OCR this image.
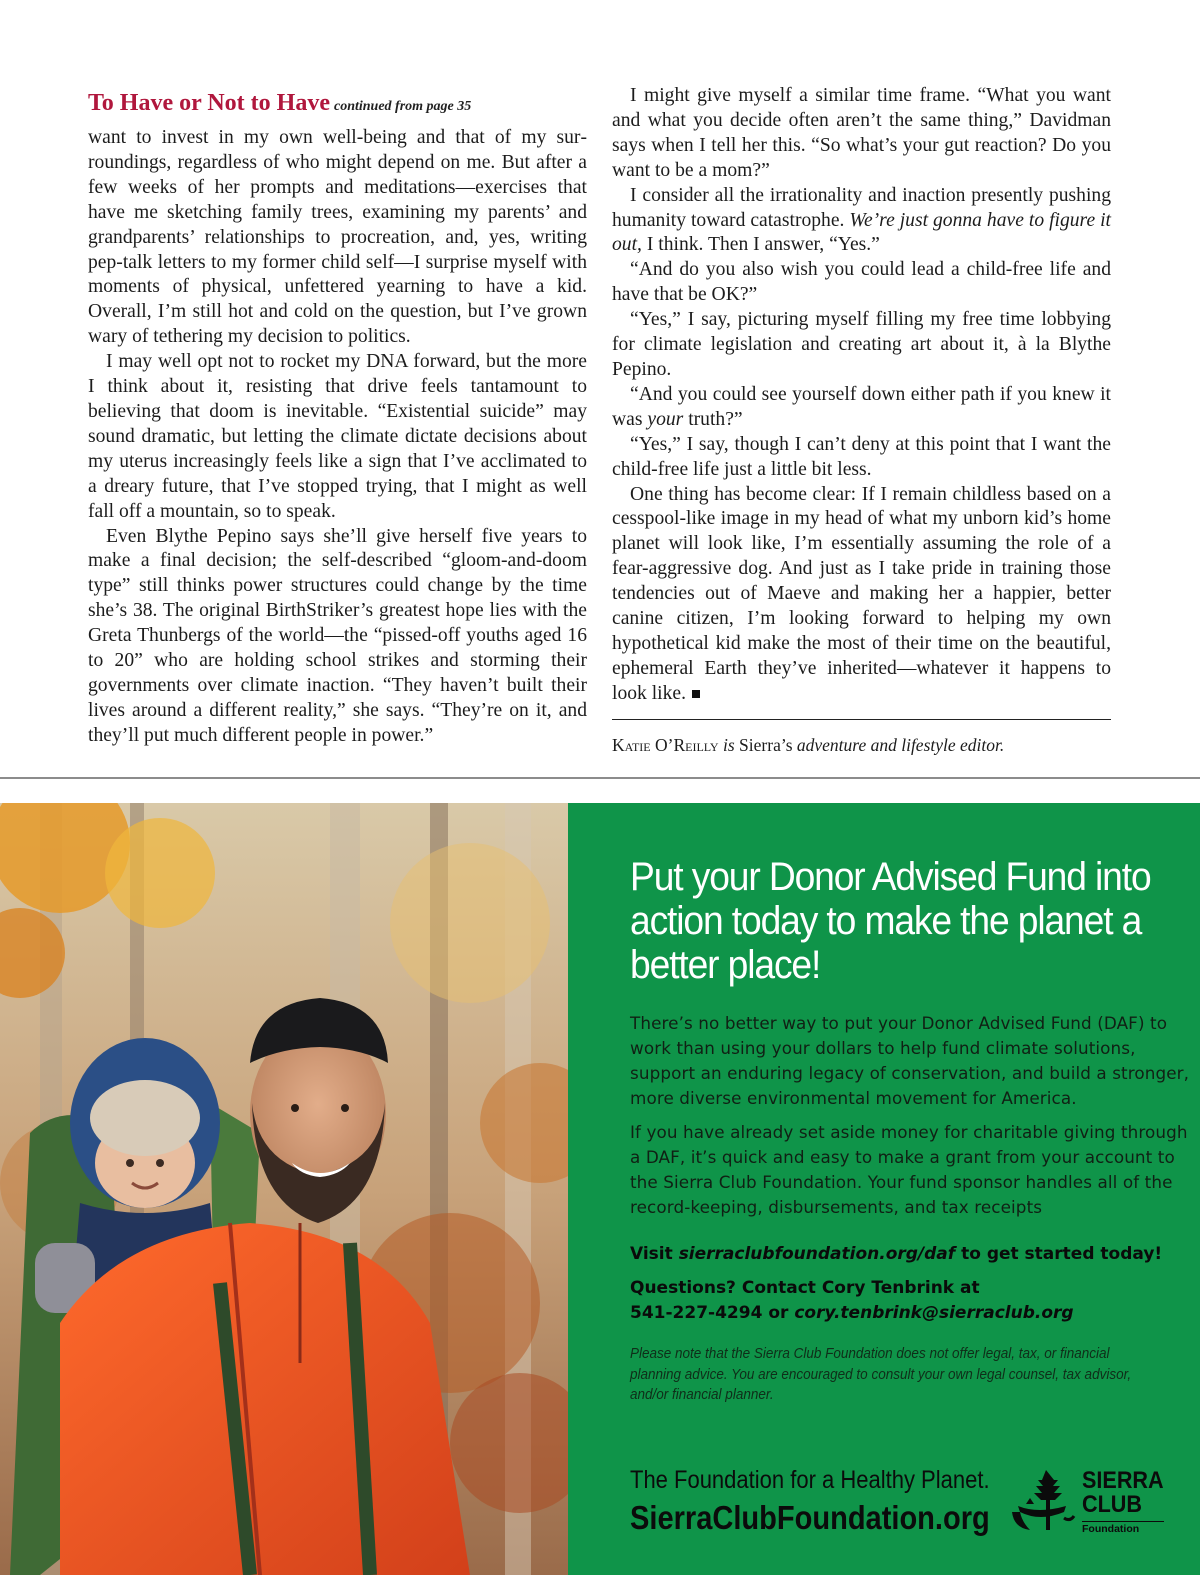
To Have or Not to Have continued from page 35

want to invest in my own well-being and that of my surroundings, regardless of who might depend on me. But after a few weeks of her prompts and meditations—exercises that have me sketching family trees, examining my parents’ and grandparents’ relationships to procreation, and, yes, writing pep-talk letters to my former child self—I surprise myself with moments of physical, unfettered yearning to have a kid. Overall, I’m still hot and cold on the question, but I’ve grown wary of tethering my decision to politics.

I may well opt not to rocket my DNA forward, but the more I think about it, resisting that drive feels tantamount to believing that doom is inevitable. “Existential suicide” may sound dramatic, but letting the climate dictate decisions about my uterus increasingly feels like a sign that I’ve acclimated to a dreary future, that I’ve stopped trying, that I might as well fall off a mountain, so to speak.

Even Blythe Pepino says she’ll give herself five years to make a final decision; the self-described “gloom-and-doom type” still thinks power structures could change by the time she’s 38. The original BirthStriker’s greatest hope lies with the Greta Thunbergs of the world—the “pissed-off youths aged 16 to 20” who are holding school strikes and storming their governments over climate inaction. “They haven’t built their lives around a different reality,” she says. “They’re on it, and they’ll put much different people in power.”

I might give myself a similar time frame. “What you want and what you decide often aren’t the same thing,” Davidman says when I tell her this. “So what’s your gut reaction? Do you want to be a mom?”

I consider all the irrationality and inaction presently pushing humanity toward catastrophe. We’re just gonna have to figure it out, I think. Then I answer, “Yes.”

“And do you also wish you could lead a child-free life and have that be OK?”

“Yes,” I say, picturing myself filling my free time lobbying for climate legislation and creating art about it, à la Blythe Pepino.

“And you could see yourself down either path if you knew it was your truth?”

“Yes,” I say, though I can’t deny at this point that I want the child-free life just a little bit less.

One thing has become clear: If I remain childless based on a cesspool-like image in my head of what my unborn kid’s home planet will look like, I’m essentially assuming the role of a fear-aggressive dog. And just as I take pride in training those tendencies out of Maeve and making her a happier, better canine citizen, I’m looking forward to helping my own hypothetical kid make the most of their time on the beautiful, ephemeral Earth they’ve inherited—whatever it happens to look like.

Katie O’Reilly is Sierra’s adventure and lifestyle editor.
Put your Donor Advised Fund into action today to make the planet a better place!

There’s no better way to put your Donor Advised Fund (DAF) to work than using your dollars to help fund climate solutions, support an enduring legacy of conservation, and build a stronger, more diverse environmental movement for America.

If you have already set aside money for charitable giving through a DAF, it’s quick and easy to make a grant from your account to the Sierra Club Foundation. Your fund sponsor handles all of the record-keeping, disbursements, and tax receipts

Visit sierraclubfoundation.org/daf to get started today!
Questions? Contact Cory Tenbrink at
541-227-4294 or cory.tenbrink@sierraclub.org
Please note that the Sierra Club Foundation does not offer legal, tax, or financial planning advice. You are encouraged to consult your own legal counsel, tax advisor, and/or financial planner.
The Foundation for a Healthy Planet.
SierraClubFoundation.org
SIERRA
CLUB
Foundation
